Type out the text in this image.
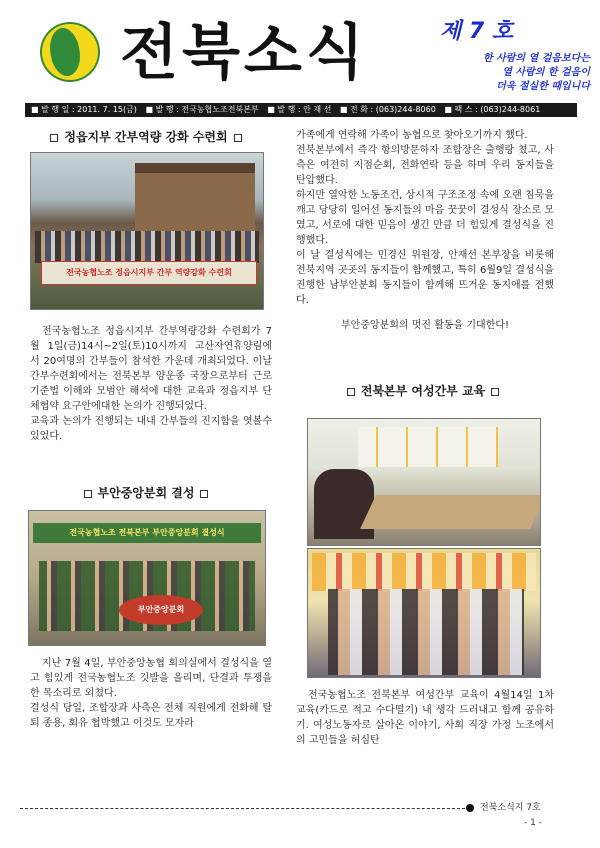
전북소식	제 7 호
한 사람의 열 걸음보다는
열 사람의 한 걸음이
더욱 절실한 때입니다
■ 발 행 일 : 2011. 7. 15(금) ■ 발 행 : 전국농협노조전북본부 ■ 발 행 : 안 재 선 ■ 전 화 : (063)244-8060 ■ 팩 스 : (063)244-8061
정읍지부 간부역량 강화 수련회
전국농협노조 정읍시지부 간부 역량강화 수련회

전국농협노조 정읍시지부 간부역량강화 수련회가 7월 1일(금)14시~2일(토)10시까지 고산자연휴양림에서 20여명의 간부들이 참석한 가운데 개최되었다. 이날 간부수련회에서는 전북본부 양운종 국장으로부터 근로기준법 이해와 모범안 해석에 대한 교육과 정읍지부 단체협약 요구안에대한 논의가 진행되었다.

교육과 논의가 진행되는 내내 간부들의 진지함을 엿볼수 있었다.

부안중앙분회 결성
전국농협노조 전북본부 부안중앙분회 결성식
부안중앙분회

지난 7월 4일, 부안중앙농협 회의실에서 결성식을 열고 힘있게 전국농협노조 깃발을 올리며, 단결과 투쟁을 한 목소리로 외쳤다.

결성식 당일, 조합장과 사측은 전체 직원에게 전화해 탈퇴 종용, 회유 협박했고 이것도 모자라

가족에게 연락해 가족이 농협으로 찾아오기까지 했다.

전북본부에서 즉각 항의방문하자 조합장은 출행랑 쳤고, 사측은 여전히 지점순회, 전화연락 등을 하며 우리 동지들을 탄압했다.

하지만 열악한 노동조건, 상시적 구조조정 속에 오랜 침묵을 깨고 당당히 일어선 동지들의 마음 꿋꿋이 결성식 장소로 모였고, 서로에 대한 믿음이 생긴 만큼 더 힘있게 결성식을 진행했다.

이 날 결성식에는 민경신 위원장, 안재선 본부장을 비롯해 전북지역 곳곳의 동지들이 함께했고, 특히 6월9일 결성식을 진행한 남부안분회 동지들이 함께해 뜨거운 동지애를 전했다.

부안중앙분회의 멋진 활동을 기대한다!

전북본부 여성간부 교육

전국농협노조 전북본부 여성간부 교육이 4월14일 1차 교육(카드로 적고 수다떨기) 내 생각 드러내고 함께 공유하기. 여성노동자로 살아온 이야기, 사회 직장 가정 노조에서의 고민들을 허심탄

전북소식지 7호
- 1 -
